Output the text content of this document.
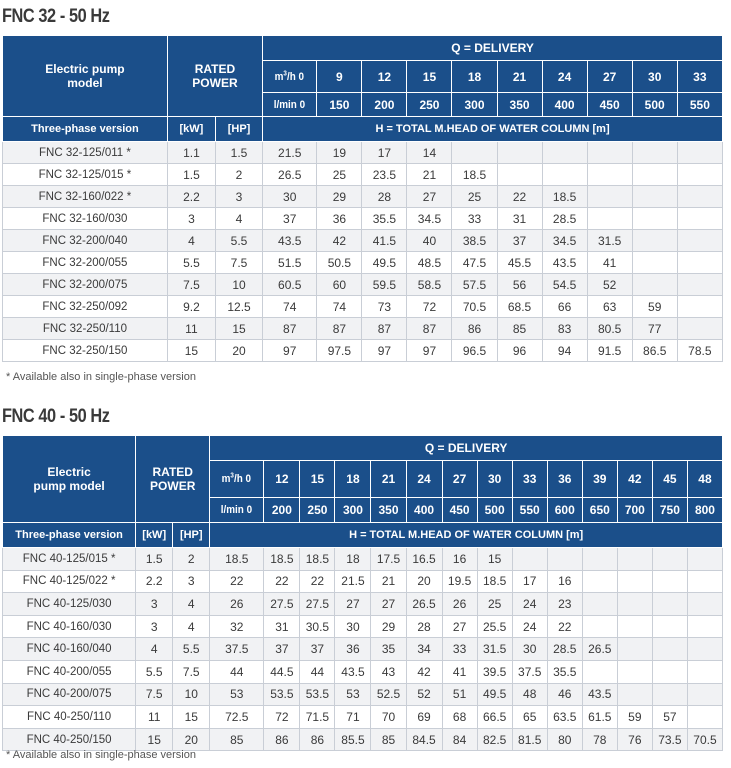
FNC 32 - 50 Hz
Electric pump model	RATED POWER		Q = DELIVERY									
			$m^3/h$ 0	9	12	15	18	21	24	27	30	33
			l/min 0	150	200	250	300	350	400	450	500	550
Three-phase version	[kW]	[HP]	H = TOTAL M.HEAD OF WATER COLUMN [m]									
FNC 32-125/011 *	1.1	1.5	21.5	19	17	14						
FNC 32-125/015 *	1.5	2	26.5	25	23.5	21	18.5					
FNC 32-160/022 *	2.2	3	30	29	28	27	25	22	18.5			
FNC 32-160/030	3	4	37	36	35.5	34.5	33	31	28.5			
FNC 32-200/040	4	5.5	43.5	42	41.5	40	38.5	37	34.5	31.5		
FNC 32-200/055	5.5	7.5	51.5	50.5	49.5	48.5	47.5	45.5	43.5	41		
FNC 32-200/075	7.5	10	60.5	60	59.5	58.5	57.5	56	54.5	52		
FNC 32-250/092	9.2	12.5	74	74	73	72	70.5	68.5	66	63	59	
FNC 32-250/110	11	15	87	87	87	87	86	85	83	80.5	77	
FNC 32-250/150	15	20	97	97.5	97	97	96.5	96	94	91.5	86.5	78.5
* Available also in single-phase version
FNC 40 - 50 Hz
Electric pump model	RATED POWER		Q = DELIVERY													
			$m^3/h$ 0	12	15	18	21	24	27	30	33	36	39	42	45	48
			l/min 0	200	250	300	350	400	450	500	550	600	650	700	750	800
Three-phase version	[kW]	[HP]	H = TOTAL M.HEAD OF WATER COLUMN [m]													
FNC 40-125/015 *	1.5	2	18.5	18.5	18.5	18	17.5	16.5	16	15						
FNC 40-125/022 *	2.2	3	22	22	22	21.5	21	20	19.5	18.5	17	16				
FNC 40-125/030	3	4	26	27.5	27.5	27	27	26.5	26	25	24	23				
FNC 40-160/030	3	4	32	31	30.5	30	29	28	27	25.5	24	22				
FNC 40-160/040	4	5.5	37.5	37	37	36	35	34	33	31.5	30	28.5	26.5			
FNC 40-200/055	5.5	7.5	44	44.5	44	43.5	43	42	41	39.5	37.5	35.5				
FNC 40-200/075	7.5	10	53	53.5	53.5	53	52.5	52	51	49.5	48	46	43.5			
FNC 40-250/110	11	15	72.5	72	71.5	71	70	69	68	66.5	65	63.5	61.5	59	57	
FNC 40-250/150	15	20	85	86	86	85.5	85	84.5	84	82.5	81.5	80	78	76	73.5	70.5
* Available also in single-phase version
